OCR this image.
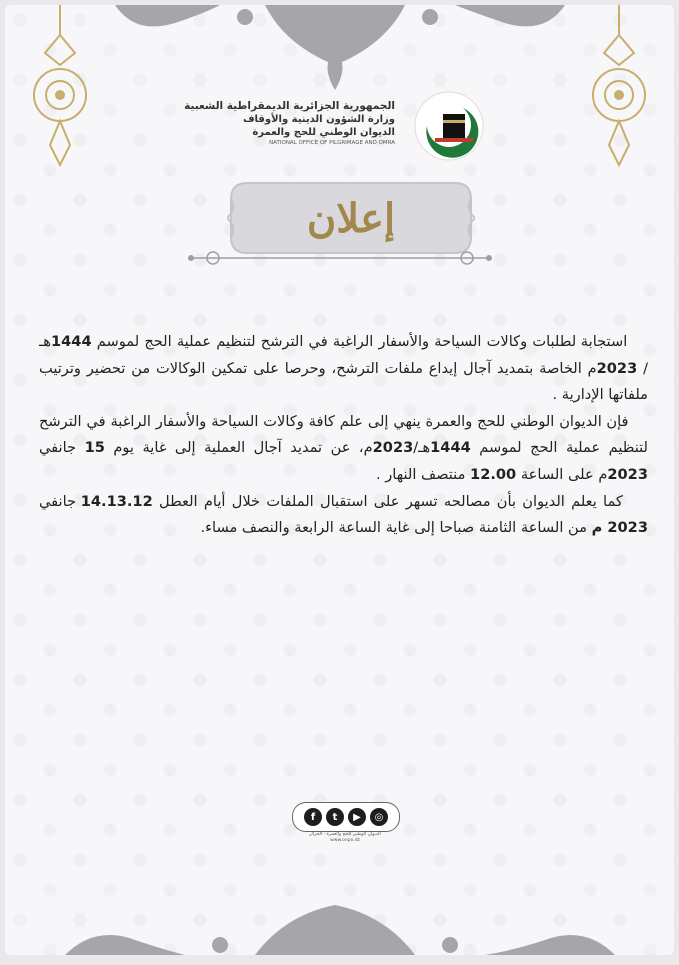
الجمهورية الجزائرية الديمقراطية الشعبية
وزارة الشؤون الدينية والأوقاف
الديوان الوطني للحج والعمرة
NATIONAL OFFICE OF PILGRIMAGE AND OMRA
إعلان

استجابة لطلبات وكالات السياحة والأسفار الراغبة في الترشح لتنظيم عملية الحج لموسم 1444هـ / 2023م الخاصة بتمديد آجال إيداع ملفات الترشح، وحرصا على تمكين الوكالات من تحضير وترتيب ملفاتها الإدارية .

فإن الديوان الوطني للحج والعمرة ينهي إلى علم كافة وكالات السياحة والأسفار الراغبة في الترشح لتنظيم عملية الحج لموسم 1444هـ/2023م، عن تمديد آجال العملية إلى غاية يوم 15 جانفي 2023م على الساعة 12.00 منتصف النهار .

كما يعلم الديوان بأن مصالحه تسهر على استقبال الملفات خلال أيام العطل 14.13.12 جانفي 2023 م من الساعة الثامنة صباحا إلى غاية الساعة الرابعة والنصف مساء.

f	t	▶	◎
الديوان الوطني للحج والعمرة - الجزائر
www.onpo.dz
